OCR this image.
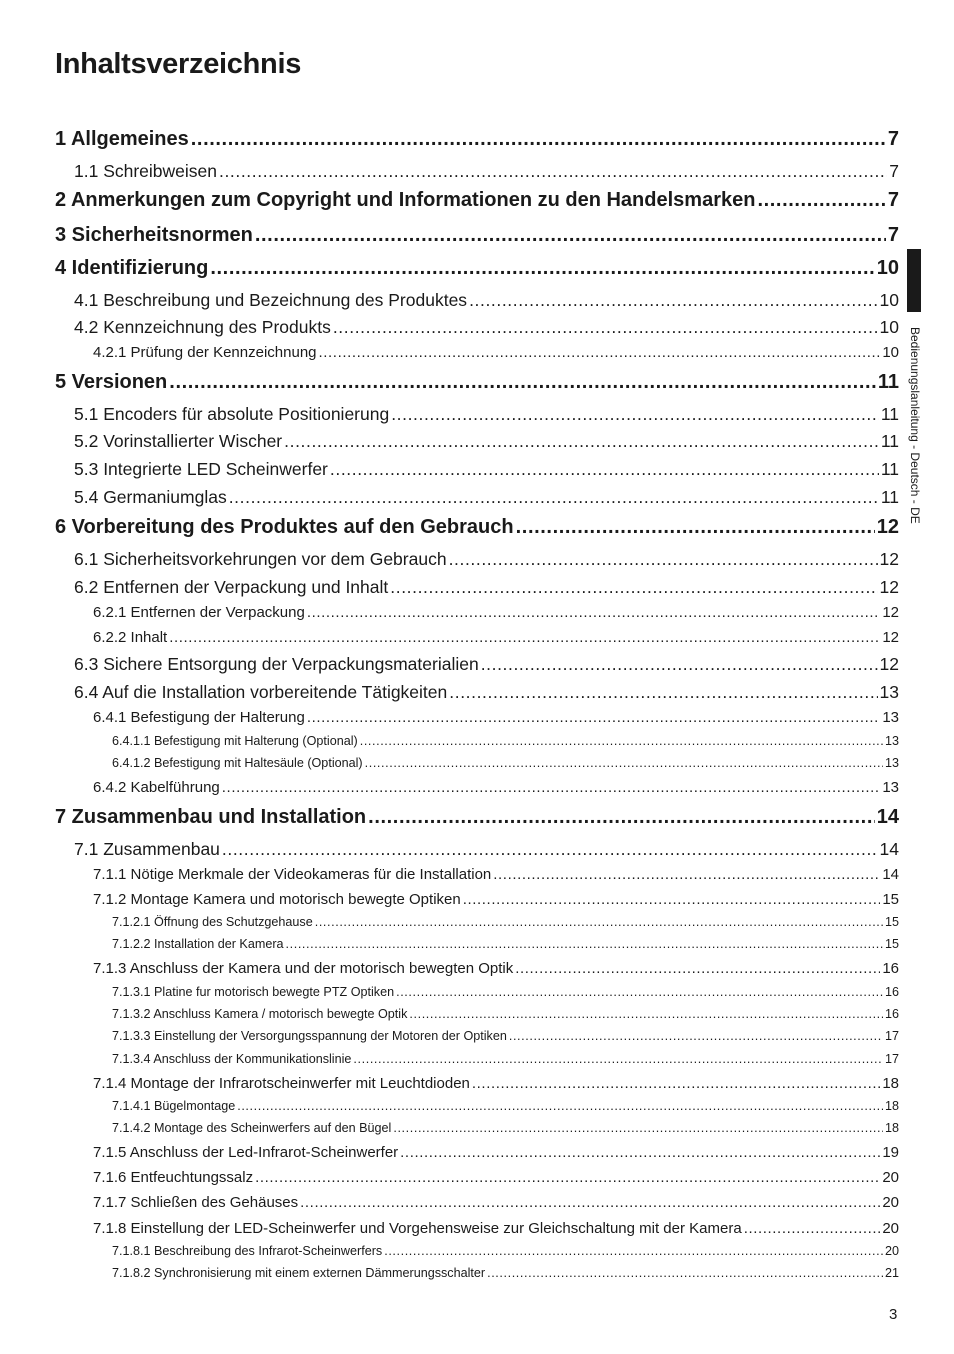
Inhaltsverzeichnis
1 Allgemeines .....	7
1.1 Schreibweisen .....	7
2 Anmerkungen zum Copyright und Informationen zu den Handelsmarken .....	7
3 Sicherheitsnormen .....	7
4 Identifizierung .....	10
4.1 Beschreibung und Bezeichnung des Produktes .....	10
4.2 Kennzeichnung des Produkts .....	10
4.2.1 Prüfung der Kennzeichnung .....	10
5 Versionen .....	11
5.1 Encoders für absolute Positionierung .....	11
5.2 Vorinstallierter Wischer .....	11
5.3 Integrierte LED Scheinwerfer .....	11
5.4 Germaniumglas .....	11
6 Vorbereitung des Produktes auf den Gebrauch .....	12
6.1 Sicherheitsvorkehrungen vor dem Gebrauch .....	12
6.2 Entfernen der Verpackung und Inhalt .....	12
6.2.1 Entfernen der Verpackung .....	12
6.2.2 Inhalt .....	12
6.3 Sichere Entsorgung der Verpackungsmaterialien .....	12
6.4 Auf die Installation vorbereitende Tätigkeiten .....	13
6.4.1 Befestigung der Halterung .....	13
6.4.1.1 Befestigung mit Halterung (Optional) .....	13
6.4.1.2 Befestigung mit Haltesäule (Optional) .....	13
6.4.2 Kabelführung .....	13
7 Zusammenbau und Installation .....	14
7.1 Zusammenbau .....	14
7.1.1 Nötige Merkmale der Videokameras für die Installation .....	14
7.1.2 Montage Kamera und motorisch bewegte Optiken .....	15
7.1.2.1 Öffnung des Schutzgehause .....	15
7.1.2.2 Installation der Kamera .....	15
7.1.3 Anschluss der Kamera und der motorisch bewegten Optik .....	16
7.1.3.1 Platine fur motorisch bewegte PTZ Optiken .....	16
7.1.3.2 Anschluss Kamera / motorisch bewegte Optik .....	16
7.1.3.3 Einstellung der Versorgungsspannung der Motoren der Optiken .....	17
7.1.3.4 Anschluss der Kommunikationslinie .....	17
7.1.4 Montage der Infrarotscheinwerfer mit Leuchtdioden .....	18
7.1.4.1 Bügelmontage .....	18
7.1.4.2 Montage des Scheinwerfers auf den Bügel .....	18
7.1.5 Anschluss der Led-Infrarot-Scheinwerfer .....	19
7.1.6 Entfeuchtungssalz .....	20
7.1.7 Schließen des Gehäuses .....	20
7.1.8 Einstellung der LED-Scheinwerfer und Vorgehensweise zur Gleichschaltung mit der Kamera .....	20
7.1.8.1 Beschreibung des Infrarot-Scheinwerfers .....	20
7.1.8.2 Synchronisierung mit einem externen Dämmerungsschalter .....	21
Bedienungslanleitung - Deutsch - DE
3
